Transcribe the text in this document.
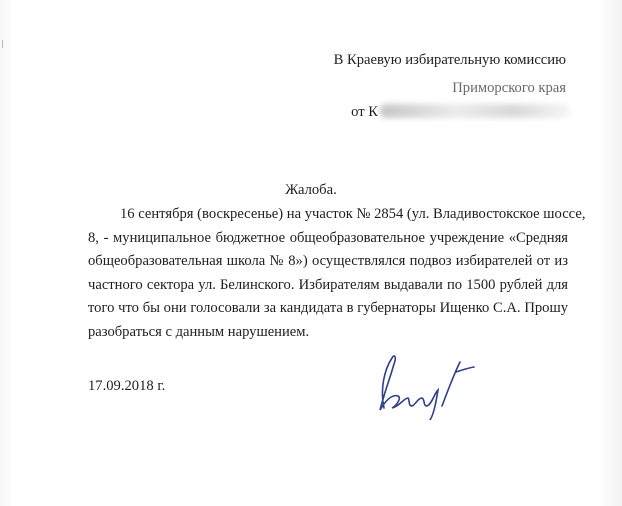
В Краевую избирательную комиссию
Приморского края
от К
Жалоба.
16 сентября (воскресенье) на участок № 2854 (ул. Владивостокское шоссе,
8, - муниципальное бюджетное общеобразовательное учреждение «Средняя
общеобразовательная школа № 8») осуществлялся подвоз избирателей от из
частного сектора ул. Белинского. Избирателям выдавали по 1500 рублей для
того что бы они голосовали за кандидата в губернаторы Ищенко С.А. Прошу
разобраться с данным нарушением.
17.09.2018 г.
